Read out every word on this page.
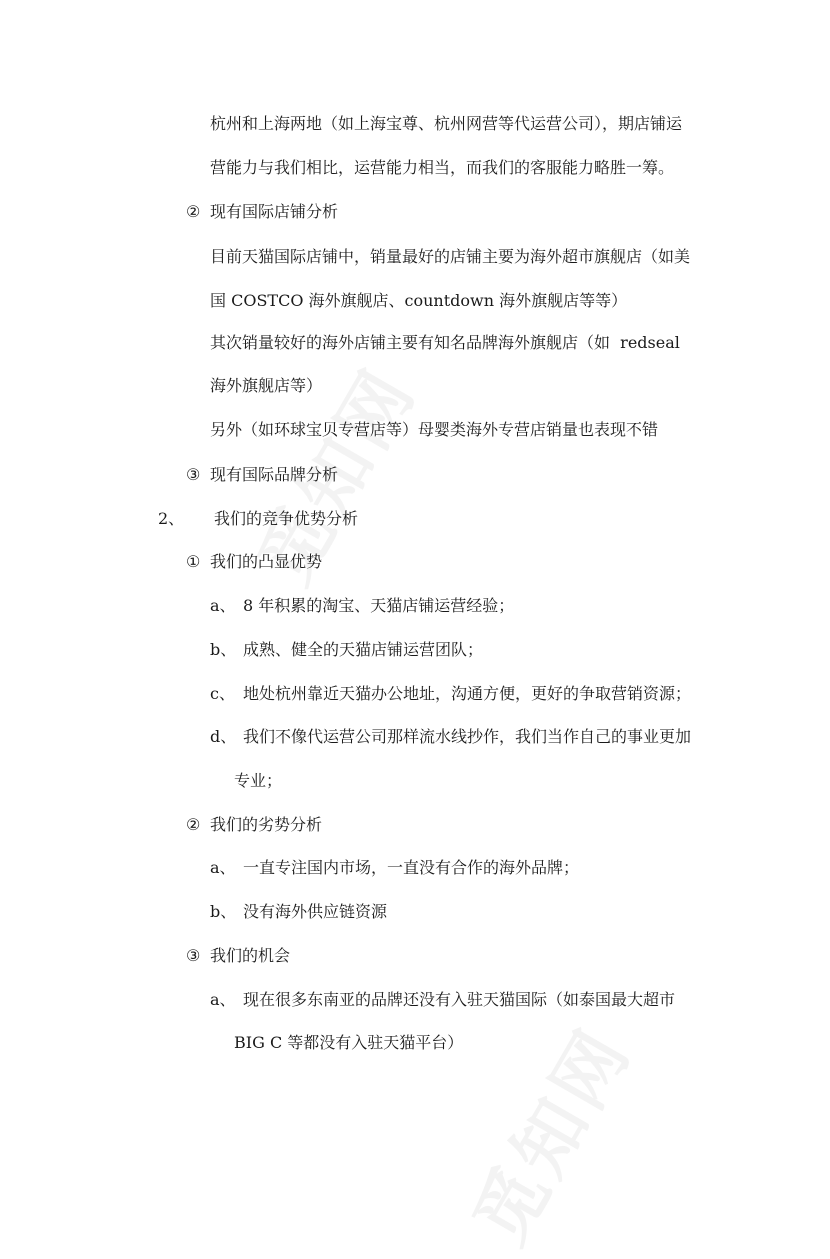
杭州和上海两地（如上海宝尊、杭州网营等代运营公司），期店铺运
营能力与我们相比，运营能力相当，而我们的客服能力略胜一筹。
② 现有国际店铺分析
目前天猫国际店铺中，销量最好的店铺主要为海外超市旗舰店（如美
国 COSTCO 海外旗舰店、countdown 海外旗舰店等等）
其次销量较好的海外店铺主要有知名品牌海外旗舰店（如  redseal
海外旗舰店等）
另外（如环球宝贝专营店等）母婴类海外专营店销量也表现不错
③ 现有国际品牌分析
2、 我们的竞争优势分析
① 我们的凸显优势
a、 8 年积累的淘宝、天猫店铺运营经验；
b、 成熟、健全的天猫店铺运营团队；
c、 地处杭州靠近天猫办公地址，沟通方便，更好的争取营销资源；
d、 我们不像代运营公司那样流水线抄作，我们当作自己的事业更加
专业；
② 我们的劣势分析
a、 一直专注国内市场，一直没有合作的海外品牌；
b、 没有海外供应链资源
③ 我们的机会
a、 现在很多东南亚的品牌还没有入驻天猫国际（如泰国最大超市
BIG C 等都没有入驻天猫平台）
